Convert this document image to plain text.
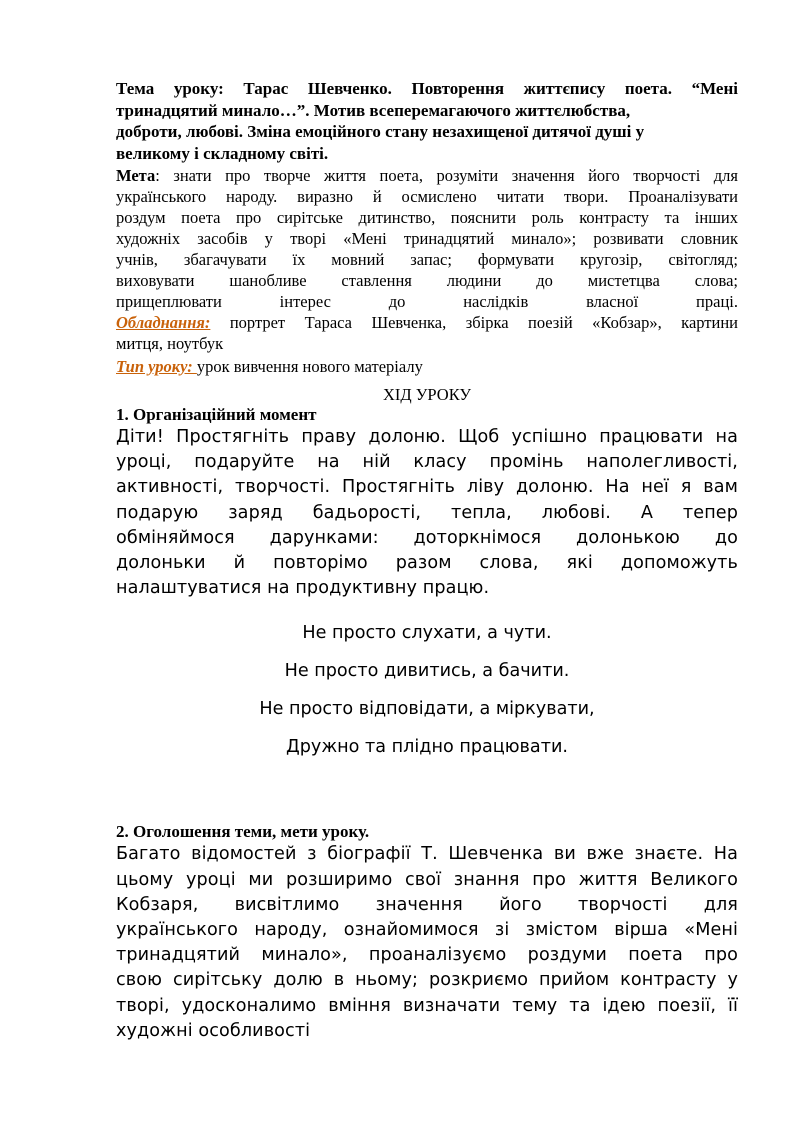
Тема уроку: Тарас Шевченко. Повторення життєпису поета. “Мені
тринадцятий минало…”. Мотив всеперемагаючого життєлюбства,
доброти, любові. Зміна емоційного стану незахищеної дитячої душі у
великому і складному світі.
Мета: знати про творче життя поета, розуміти значення його творчості для
українського народу. виразно й осмислено читати твори. Проаналізувати
роздум поета про сирітське дитинство, пояснити роль контрасту та інших
художніх засобів у творі «Мені тринадцятий минало»; розвивати словник
учнів, збагачувати їх мовний запас; формувати кругозір, світогляд;
виховувати шанобливе ставлення людини до мистетцва слова;
прищеплювати інтерес до наслідків власної праці.
Обладнання: портрет Тараса Шевченка, збірка поезій «Кобзар», картини
митця, ноутбук
Тип уроку: урок вивчення нового матеріалу
ХІД УРОКУ
1. Організаційний момент
Діти! Простягніть праву долоню. Щоб успішно працювати на
уроці, подаруйте на ній класу промінь наполегливості,
активності, творчості. Простягніть ліву долоню. На неї я вам
подарую заряд бадьорості, тепла, любові. А тепер
обміняймося дарунками: доторкнімося долонькою до
долоньки й повторімо разом слова, які допоможуть
налаштуватися на продуктивну працю.
Не просто слухати, а чути.
Не просто дивитись, а бачити.
Не просто відповідати, а міркувати,
Дружно та плідно працювати.
2. Оголошення теми, мети уроку.
Багато відомостей з біографії Т. Шевченка ви вже знаєте. На
цьому уроці ми розширимо свої знання про життя Великого
Кобзаря, висвітлимо значення його творчості для
українського народу, ознайомимося зі змістом вірша «Мені
тринадцятий минало», проаналізуємо роздуми поета про
свою сирітську долю в ньому; розкриємо прийом контрасту у
творі, удосконалимо вміння визначати тему та ідею поезії, її
художні особливості
